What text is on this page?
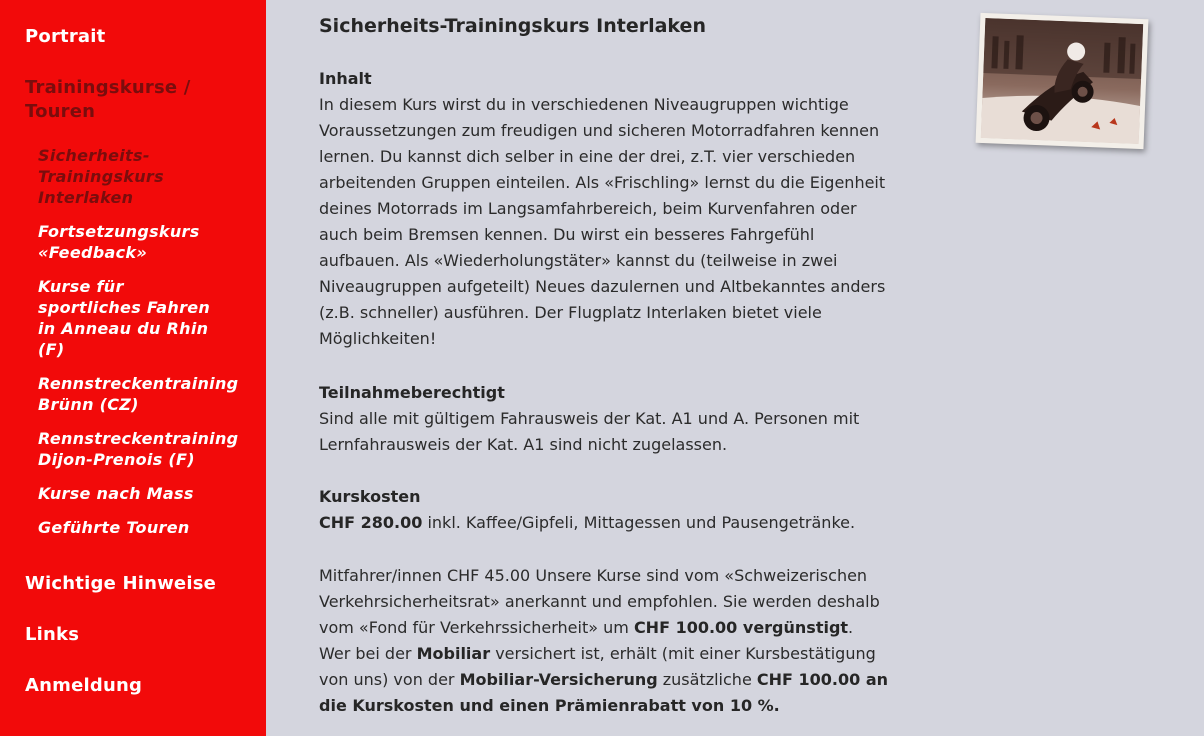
Portrait
Trainingskurse /
Touren
Sicherheits-
Trainingskurs
Interlaken
Fortsetzungskurs
«Feedback»
Kurse für
sportliches Fahren
in Anneau du Rhin
(F)
Rennstreckentraining
Brünn (CZ)
Rennstreckentraining
Dijon-Prenois (F)
Kurse nach Mass
Geführte Touren
Wichtige Hinweise
Links
Anmeldung
Sicherheits-Trainingskurs Interlaken
Inhalt
In diesem Kurs wirst du in verschiedenen Niveaugruppen wichtige
Voraussetzungen zum freudigen und sicheren Motorradfahren kennen
lernen. Du kannst dich selber in eine der drei, z.T. vier verschieden
arbeitenden Gruppen einteilen. Als «Frischling» lernst du die Eigenheit
deines Motorrads im Langsamfahrbereich, beim Kurvenfahren oder
auch beim Bremsen kennen. Du wirst ein besseres Fahrgefühl
aufbauen. Als «Wiederholungstäter» kannst du (teilweise in zwei
Niveaugruppen aufgeteilt) Neues dazulernen und Altbekanntes anders
(z.B. schneller) ausführen. Der Flugplatz Interlaken bietet viele
Möglichkeiten!
Teilnahmeberechtigt
Sind alle mit gültigem Fahrausweis der Kat. A1 und A. Personen mit
Lernfahrausweis der Kat. A1 sind nicht zugelassen.
Kurskosten
CHF 280.00 inkl. Kaffee/Gipfeli, Mittagessen und Pausengetränke.
Mitfahrer/innen CHF 45.00 Unsere Kurse sind vom «Schweizerischen
Verkehrsicherheitsrat» anerkannt und empfohlen. Sie werden deshalb
vom «Fond für Verkehrssicherheit» um CHF 100.00 vergünstigt.
Wer bei der Mobiliar versichert ist, erhält (mit einer Kursbestätigung
von uns) von der Mobiliar-Versicherung zusätzliche CHF 100.00 an
die Kurskosten und einen Prämienrabatt von 10 %.
